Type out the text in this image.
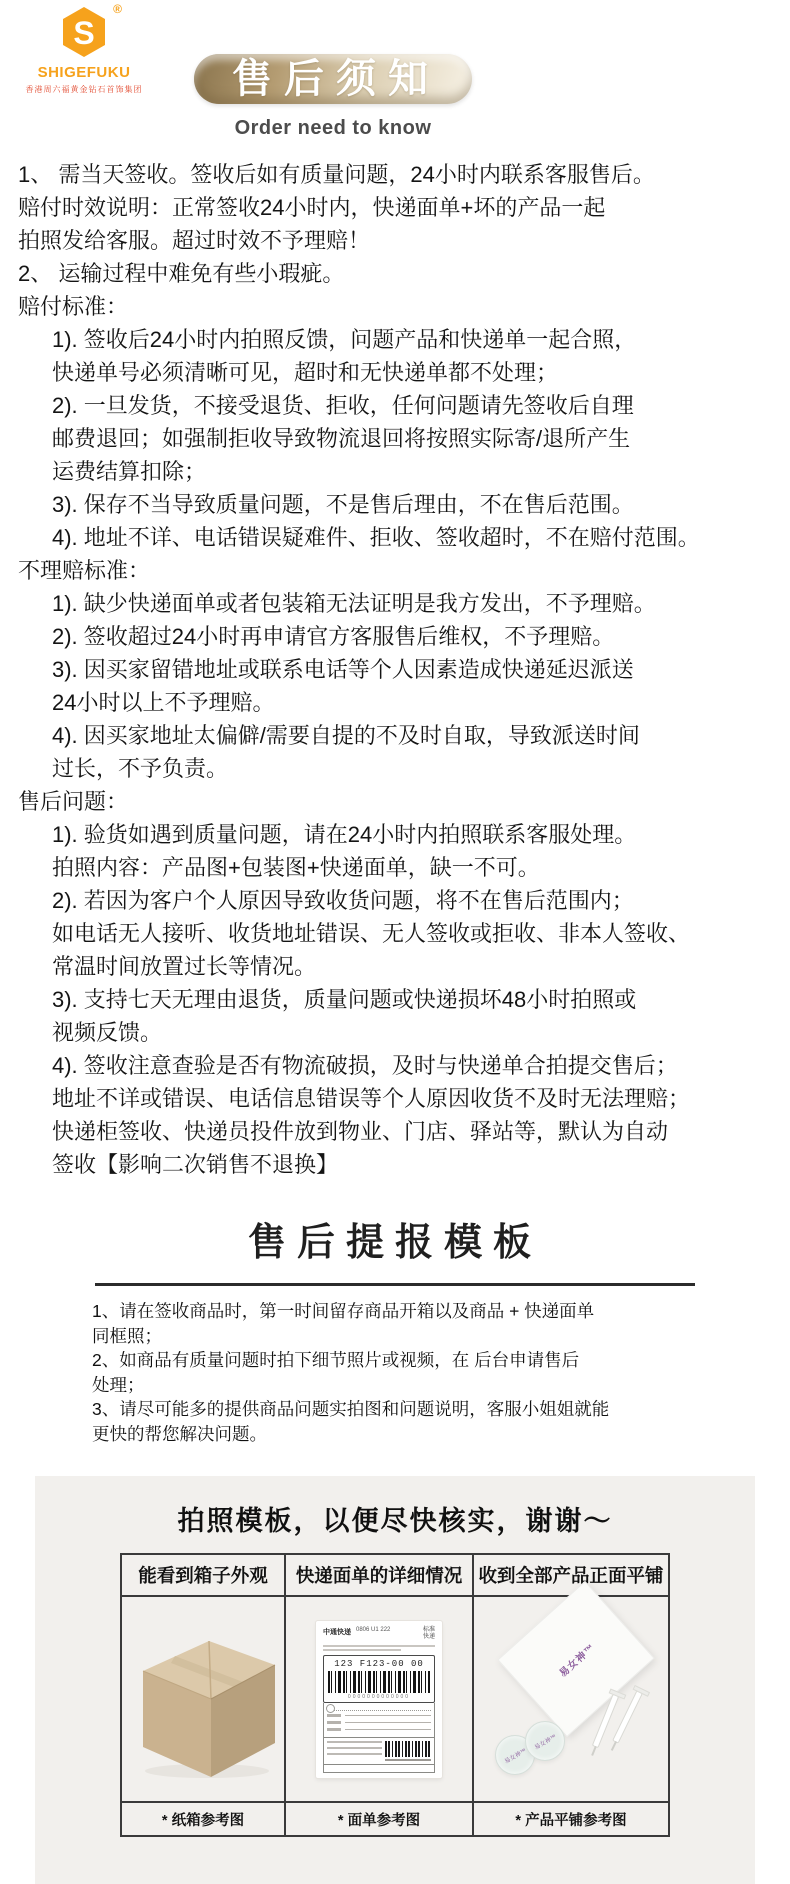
S
®
SHIGEFUKU
香港周六福黄金钻石首饰集团	售后须知
Order need to know
1、 需当天签收。签收后如有质量问题，24小时内联系客服售后。
赔付时效说明：正常签收24小时内，快递面单+坏的产品一起
拍照发给客服。超过时效不予理赔！
2、 运输过程中难免有些小瑕疵。
赔付标准：
1). 签收后24小时内拍照反馈，问题产品和快递单一起合照，
快递单号必须清晰可见，超时和无快递单都不处理；
2). 一旦发货，不接受退货、拒收，任何问题请先签收后自理
邮费退回；如强制拒收导致物流退回将按照实际寄/退所产生
运费结算扣除；
3). 保存不当导致质量问题，不是售后理由，不在售后范围。
4). 地址不详、电话错误疑难件、拒收、签收超时，不在赔付范围。
不理赔标准：
1). 缺少快递面单或者包装箱无法证明是我方发出，不予理赔。
2). 签收超过24小时再申请官方客服售后维权，不予理赔。
3). 因买家留错地址或联系电话等个人因素造成快递延迟派送
24小时以上不予理赔。
4). 因买家地址太偏僻/需要自提的不及时自取，导致派送时间
过长，不予负责。
售后问题：
1). 验货如遇到质量问题，请在24小时内拍照联系客服处理。
拍照内容：产品图+包装图+快递面单，缺一不可。
2). 若因为客户个人原因导致收货问题，将不在售后范围内；
如电话无人接听、收货地址错误、无人签收或拒收、非本人签收、
常温时间放置过长等情况。
3). 支持七天无理由退货，质量问题或快递损坏48小时拍照或
视频反馈。
4). 签收注意查验是否有物流破损，及时与快递单合拍提交售后；
地址不详或错误、电话信息错误等个人原因收货不及时无法理赔；
快递柜签收、快递员投件放到物业、门店、驿站等，默认为自动
签收【影响二次销售不退换】
售后提报模板
1、请在签收商品时，第一时间留存商品开箱以及商品 + 快递面单
同框照；
2、如商品有质量问题时拍下细节照片或视频，在 后台申请售后
处理；
3、请尽可能多的提供商品问题实拍图和问题说明，客服小姐姐就能
更快的帮您解决问题。
拍照模板，以便尽快核实，谢谢～
能看到箱子外观	快递面单的详细情况	收到全部产品正面平铺

中通快递 0806 U1 222	标准快递
123 F123-00 00
0000000000000

易女神™
易女神™
易女神™

* 纸箱参考图	* 面单参考图	* 产品平铺参考图
